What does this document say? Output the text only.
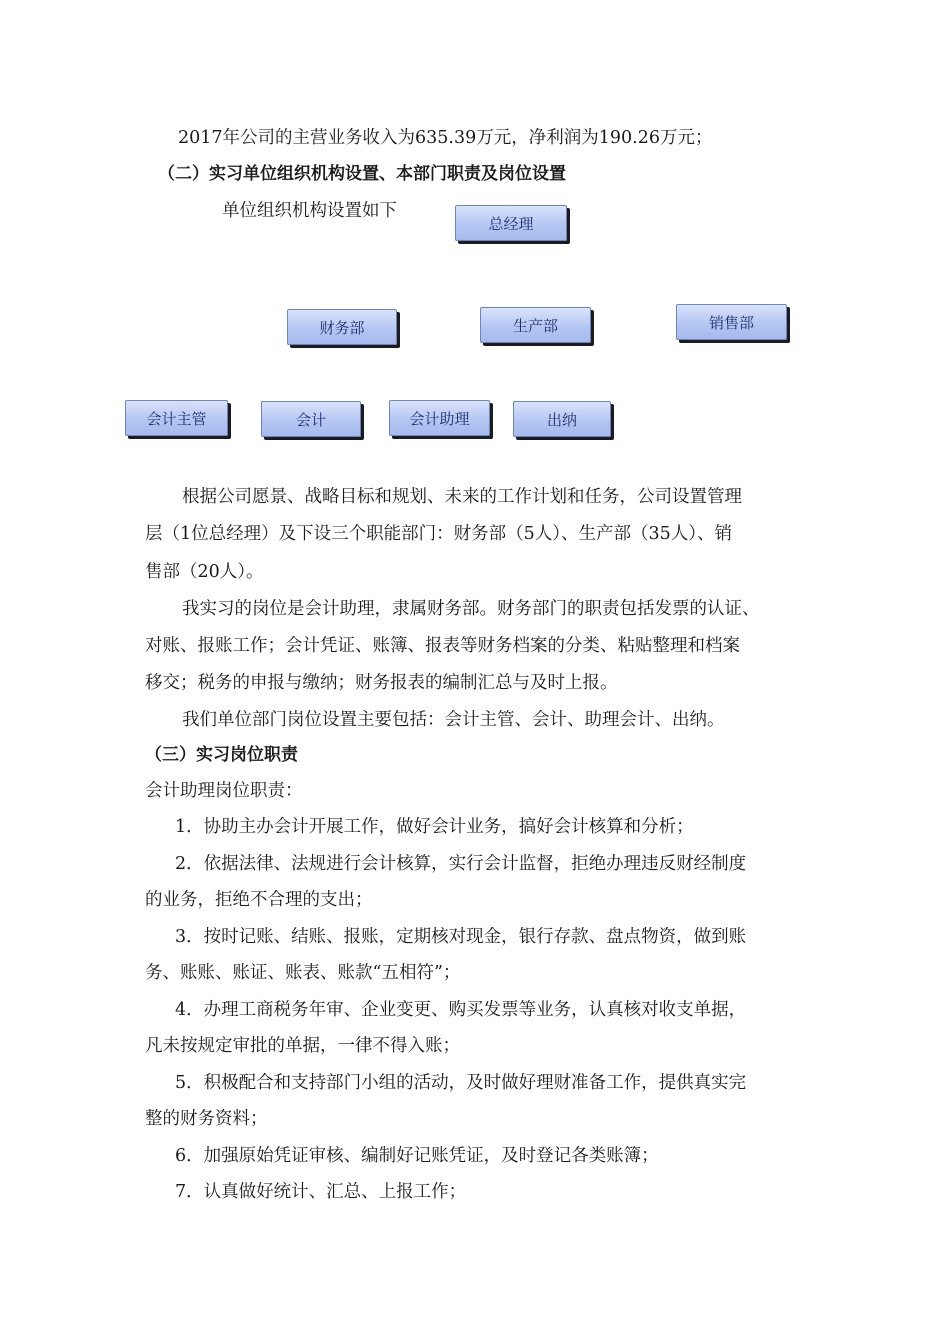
2017年公司的主营业务收入为635.39万元，净利润为190.26万元；
（二）实习单位组织机构设置、本部门职责及岗位设置
单位组织机构设置如下
总经理
财务部	生产部	销售部
会计主管	会计	会计助理	出纳
根据公司愿景、战略目标和规划、未来的工作计划和任务，公司设置管理
层（1位总经理）及下设三个职能部门：财务部（5人）、生产部（35人）、销
售部（20人）。
我实习的岗位是会计助理，隶属财务部。财务部门的职责包括发票的认证、
对账、报账工作；会计凭证、账簿、报表等财务档案的分类、粘贴整理和档案
移交；税务的申报与缴纳；财务报表的编制汇总与及时上报。
我们单位部门岗位设置主要包括：会计主管、会计、助理会计、出纳。
（三）实习岗位职责
会计助理岗位职责：
1．协助主办会计开展工作，做好会计业务，搞好会计核算和分析；
2．依据法律、法规进行会计核算，实行会计监督，拒绝办理违反财经制度
的业务，拒绝不合理的支出；
3．按时记账、结账、报账，定期核对现金，银行存款、盘点物资，做到账
务、账账、账证、账表、账款“五相符”；
4．办理工商税务年审、企业变更、购买发票等业务，认真核对收支单据，
凡未按规定审批的单据，一律不得入账；
5．积极配合和支持部门小组的活动，及时做好理财准备工作，提供真实完
整的财务资料；
6．加强原始凭证审核、编制好记账凭证，及时登记各类账簿；
7．认真做好统计、汇总、上报工作；
